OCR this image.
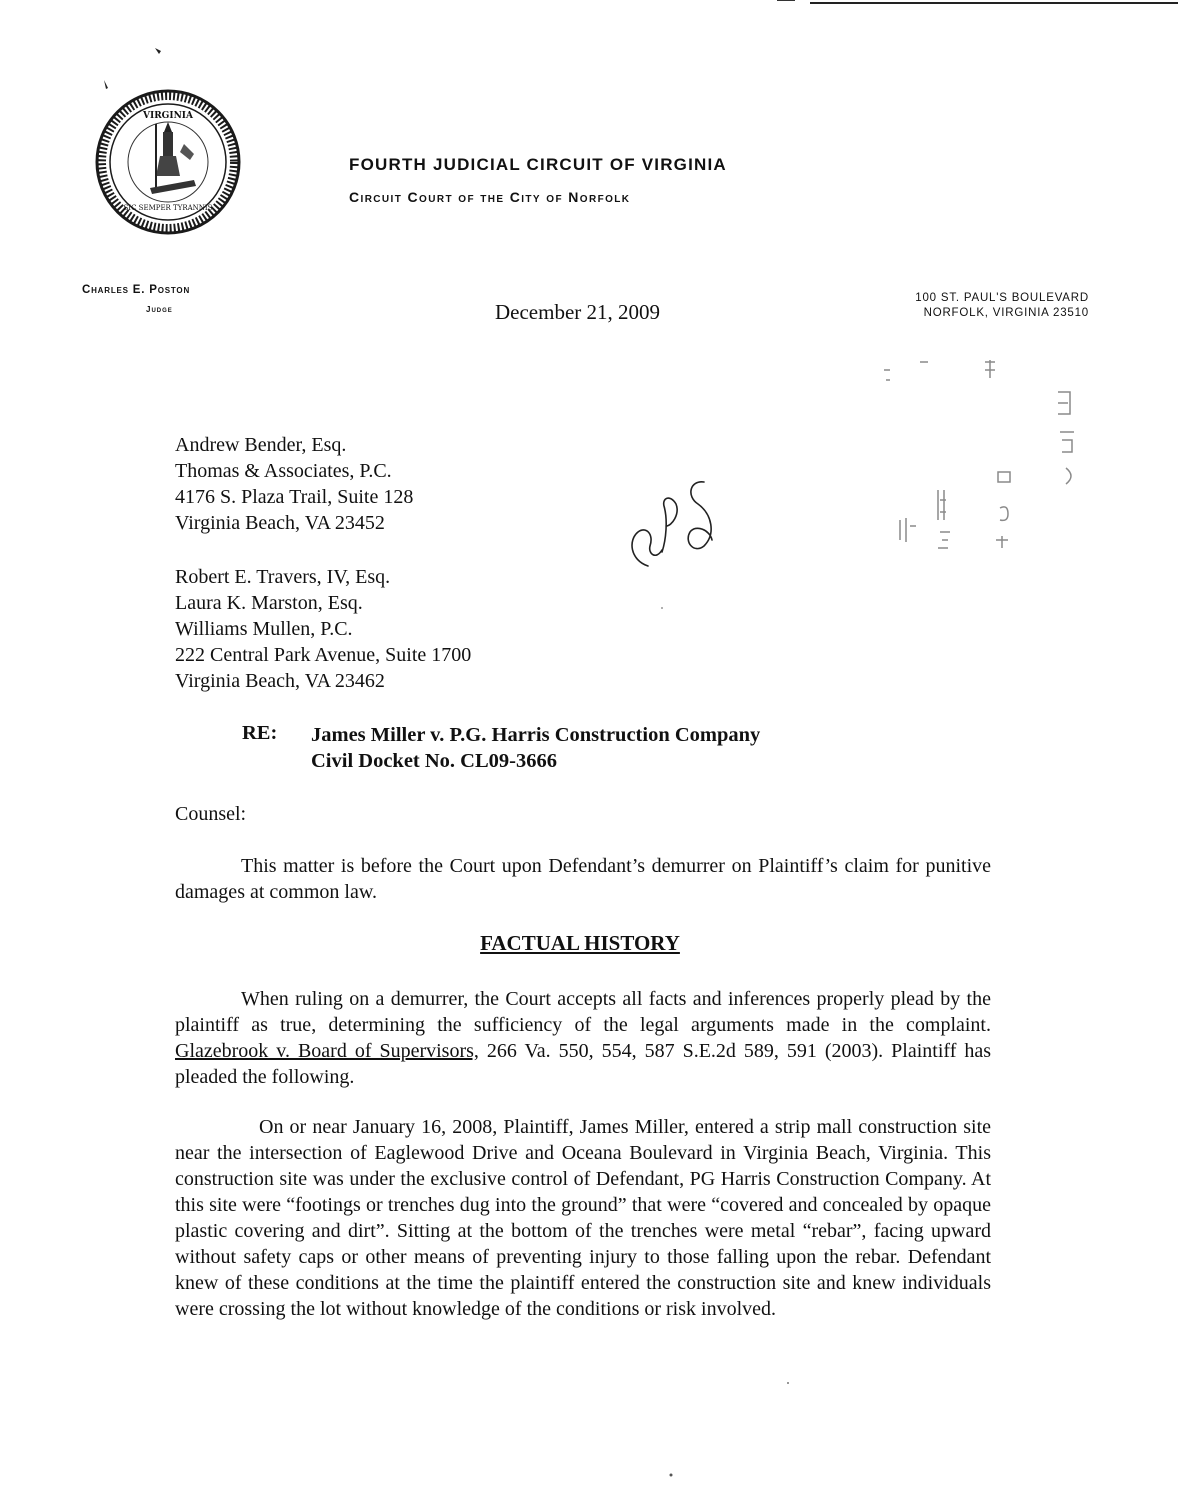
VIRGINIA
SIC SEMPER TYRANNIS
FOURTH JUDICIAL CIRCUIT OF VIRGINIA
Circuit Court of the City of Norfolk
Charles E. Poston
Judge	December 21, 2009
100 ST. PAUL'S BOULEVARD
NORFOLK, VIRGINIA 23510
Andrew Bender, Esq.
Thomas & Associates, P.C.
4176 S. Plaza Trail, Suite 128
Virginia Beach, VA 23452
Robert E. Travers, IV, Esq.
Laura K. Marston, Esq.
Williams Mullen, P.C.
222 Central Park Avenue, Suite 1700
Virginia Beach, VA 23462
RE: James Miller v. P.G. Harris Construction Company
Civil Docket No. CL09-3666
Counsel:
This matter is before the Court upon Defendant’s demurrer on Plaintiff’s claim for punitive damages at common law.
FACTUAL HISTORY
When ruling on a demurrer, the Court accepts all facts and inferences properly plead by the plaintiff as true, determining the sufficiency of the legal arguments made in the complaint. Glazebrook v. Board of Supervisors, 266 Va. 550, 554, 587 S.E.2d 589, 591 (2003). Plaintiff has pleaded the following.
On or near January 16, 2008, Plaintiff, James Miller, entered a strip mall construction site near the intersection of Eaglewood Drive and Oceana Boulevard in Virginia Beach, Virginia. This construction site was under the exclusive control of Defendant, PG Harris Construction Company. At this site were “footings or trenches dug into the ground” that were “covered and concealed by opaque plastic covering and dirt”. Sitting at the bottom of the trenches were metal “rebar”, facing upward without safety caps or other means of preventing injury to those falling upon the rebar. Defendant knew of these conditions at the time the plaintiff entered the construction site and knew individuals were crossing the lot without knowledge of the conditions or risk involved.
